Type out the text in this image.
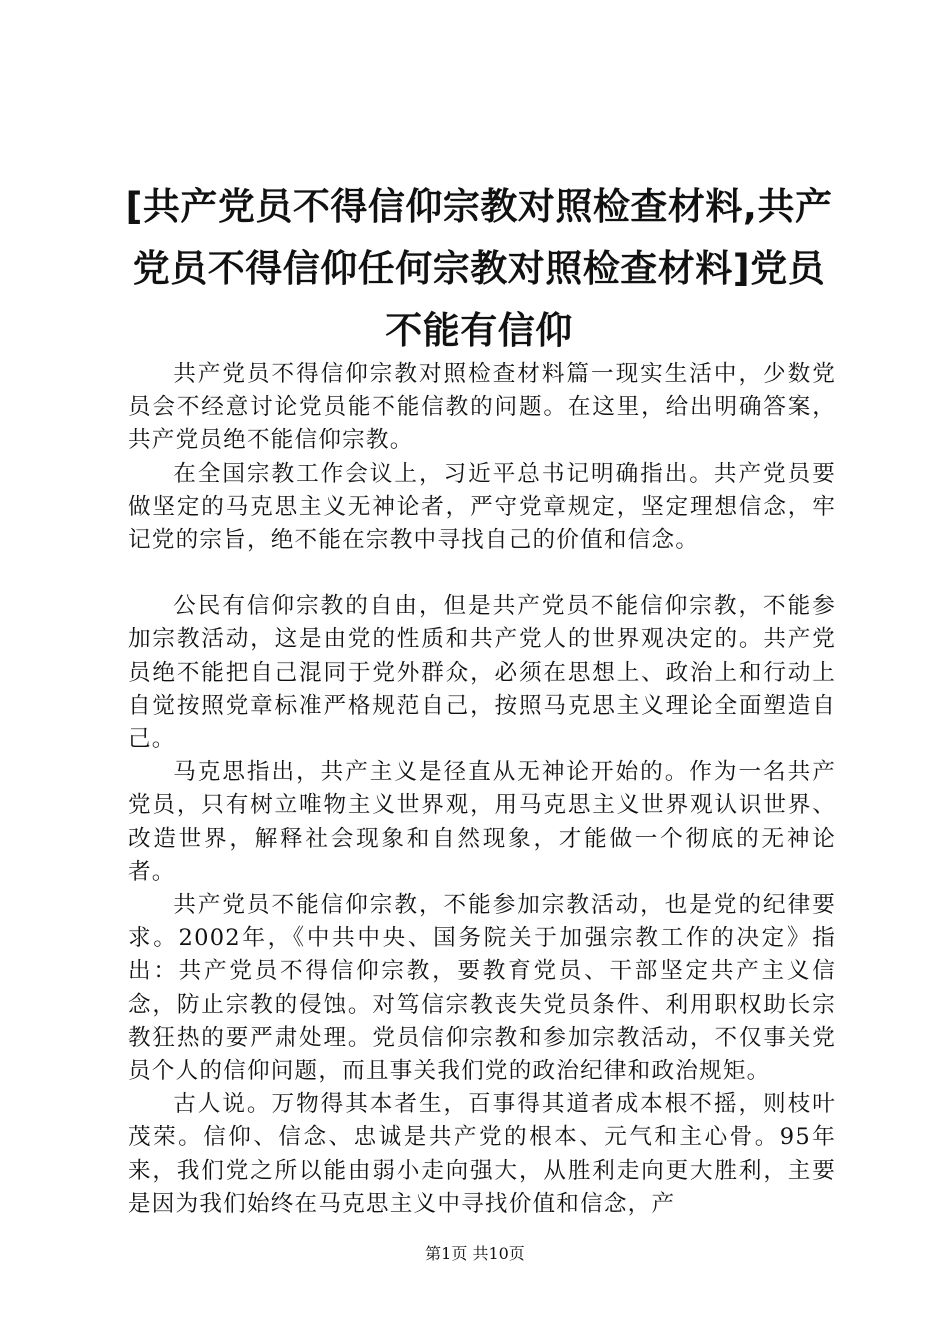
[共产党员不得信仰宗教对照检查材料,共产党员不得信仰任何宗教对照检查材料]党员不能有信仰

共产党员不得信仰宗教对照检查材料篇一现实生活中，少数党员会不经意讨论党员能不能信教的问题。在这里，给出明确答案，共产党员绝不能信仰宗教。

在全国宗教工作会议上，习近平总书记明确指出。共产党员要做坚定的马克思主义无神论者，严守党章规定，坚定理想信念，牢记党的宗旨，绝不能在宗教中寻找自己的价值和信念。

公民有信仰宗教的自由，但是共产党员不能信仰宗教，不能参加宗教活动，这是由党的性质和共产党人的世界观决定的。共产党员绝不能把自己混同于党外群众，必须在思想上、政治上和行动上自觉按照党章标准严格规范自己，按照马克思主义理论全面塑造自己。

马克思指出，共产主义是径直从无神论开始的。作为一名共产党员，只有树立唯物主义世界观，用马克思主义世界观认识世界、改造世界，解释社会现象和自然现象，才能做一个彻底的无神论者。

共产党员不能信仰宗教，不能参加宗教活动，也是党的纪律要求。2002年，《中共中央、国务院关于加强宗教工作的决定》指出：共产党员不得信仰宗教，要教育党员、干部坚定共产主义信念，防止宗教的侵蚀。对笃信宗教丧失党员条件、利用职权助长宗教狂热的要严肃处理。党员信仰宗教和参加宗教活动，不仅事关党员个人的信仰问题，而且事关我们党的政治纪律和政治规矩。

古人说。万物得其本者生，百事得其道者成本根不摇，则枝叶茂荣。信仰、信念、忠诚是共产党的根本、元气和主心骨。95年来，我们党之所以能由弱小走向强大，从胜利走向更大胜利，主要是因为我们始终在马克思主义中寻找价值和信念，产

第1页 共10页
